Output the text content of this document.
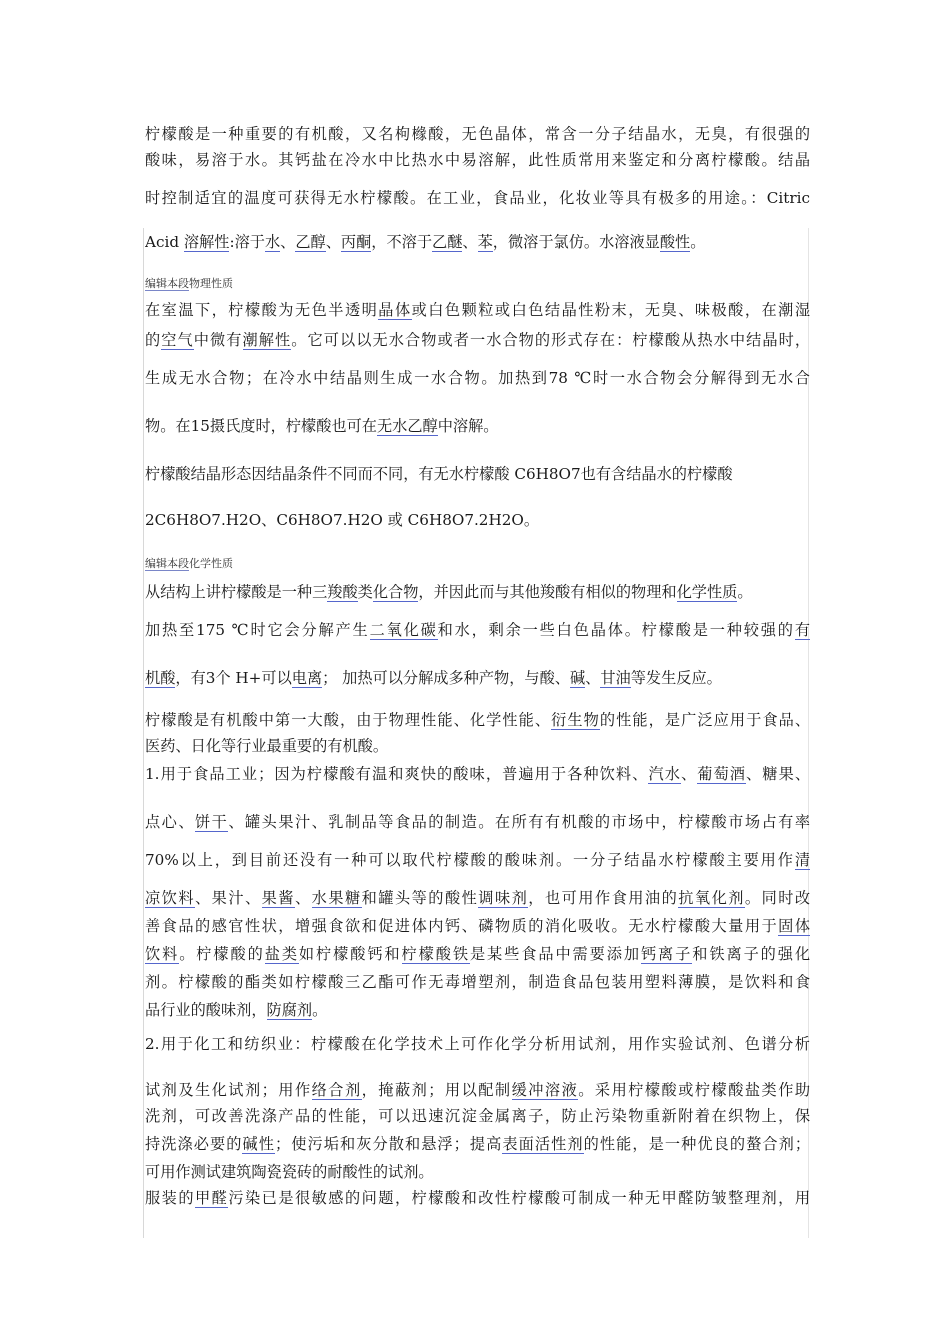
柠檬酸是一种重要的有机酸，又名枸橼酸，无色晶体，常含一分子结晶水，无臭，有很强的
酸味，易溶于水。其钙盐在冷水中比热水中易溶解，此性质常用来鉴定和分离柠檬酸。结晶
时控制适宜的温度可获得无水柠檬酸。在工业，食品业，化妆业等具有极多的用途。：Citric
Acid 溶解性:溶于水、乙醇、丙酮，不溶于乙醚、苯，微溶于氯仿。水溶液显酸性。
编辑本段物理性质
在室温下，柠檬酸为无色半透明晶体或白色颗粒或白色结晶性粉末，无臭、味极酸，在潮湿
的空气中微有潮解性。它可以以无水合物或者一水合物的形式存在：柠檬酸从热水中结晶时，
生成无水合物；在冷水中结晶则生成一水合物。加热到78 ℃时一水合物会分解得到无水合
物。在15摄氏度时，柠檬酸也可在无水乙醇中溶解。
柠檬酸结晶形态因结晶条件不同而不同，有无水柠檬酸 C6H8O7也有含结晶水的柠檬酸
2C6H8O7.H2O、C6H8O7.H2O 或 C6H8O7.2H2O。
编辑本段化学性质
从结构上讲柠檬酸是一种三羧酸类化合物，并因此而与其他羧酸有相似的物理和化学性质。
加热至175 ℃时它会分解产生二氧化碳和水，剩余一些白色晶体。柠檬酸是一种较强的有
机酸，有3个 H+可以电离； 加热可以分解成多种产物，与酸、碱、甘油等发生反应。
柠檬酸是有机酸中第一大酸，由于物理性能、化学性能、衍生物的性能，是广泛应用于食品、
医药、日化等行业最重要的有机酸。
1.用于食品工业；因为柠檬酸有温和爽快的酸味，普遍用于各种饮料、汽水、葡萄酒、糖果、
点心、饼干、罐头果汁、乳制品等食品的制造。在所有有机酸的市场中，柠檬酸市场占有率
70%以上，到目前还没有一种可以取代柠檬酸的酸味剂。一分子结晶水柠檬酸主要用作清
凉饮料、果汁、果酱、水果糖和罐头等的酸性调味剂，也可用作食用油的抗氧化剂。同时改
善食品的感官性状，增强食欲和促进体内钙、磷物质的消化吸收。无水柠檬酸大量用于固体
饮料。柠檬酸的盐类如柠檬酸钙和柠檬酸铁是某些食品中需要添加钙离子和铁离子的强化
剂。柠檬酸的酯类如柠檬酸三乙酯可作无毒增塑剂，制造食品包装用塑料薄膜，是饮料和食
品行业的酸味剂，防腐剂。
2.用于化工和纺织业：柠檬酸在化学技术上可作化学分析用试剂，用作实验试剂、色谱分析
试剂及生化试剂；用作络合剂，掩蔽剂；用以配制缓冲溶液。采用柠檬酸或柠檬酸盐类作助
洗剂，可改善洗涤产品的性能，可以迅速沉淀金属离子，防止污染物重新附着在织物上，保
持洗涤必要的碱性；使污垢和灰分散和悬浮；提高表面活性剂的性能，是一种优良的螯合剂；
可用作测试建筑陶瓷瓷砖的耐酸性的试剂。
服装的甲醛污染已是很敏感的问题，柠檬酸和改性柠檬酸可制成一种无甲醛防皱整理剂，用
